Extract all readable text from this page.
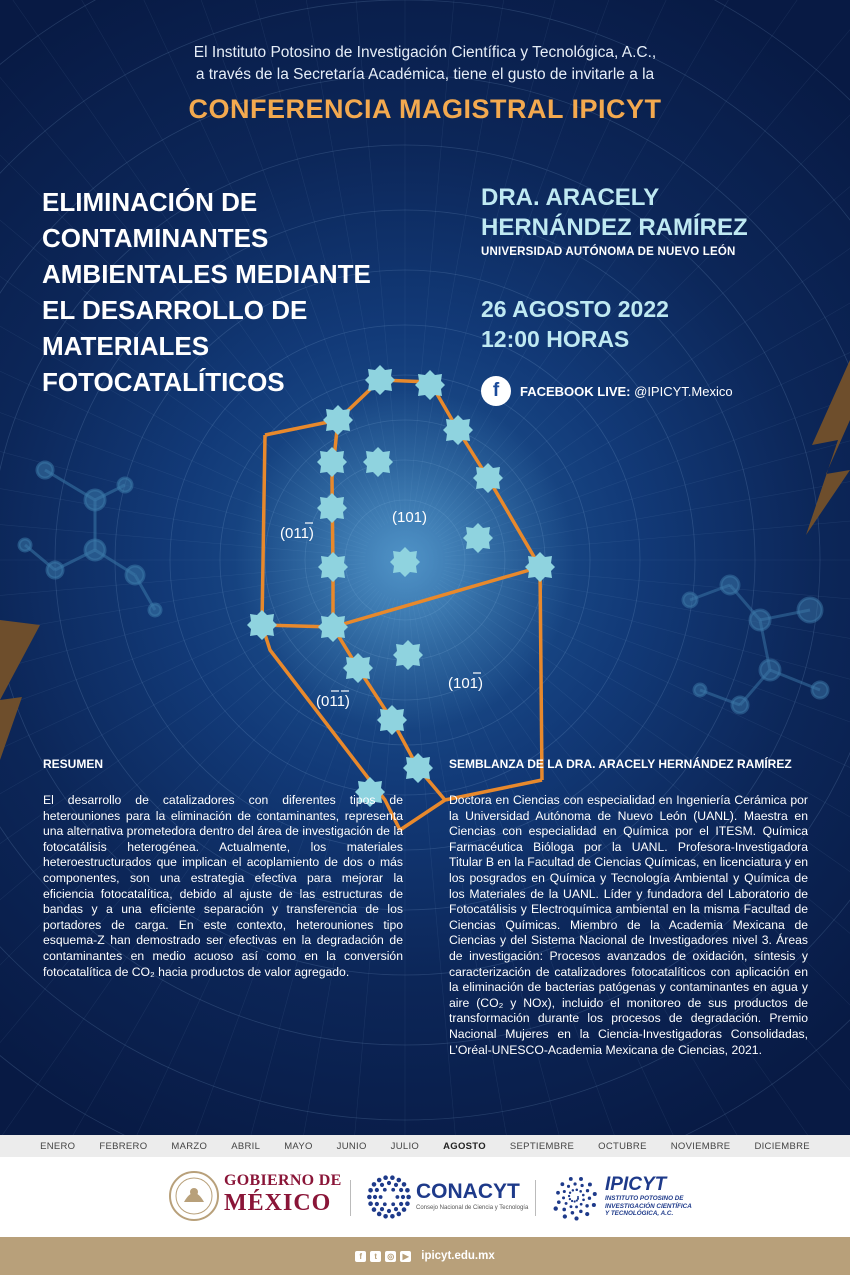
(101)
(011)
(011)
(101)
El Instituto Potosino de Investigación Científica y Tecnológica, A.C.,
a través de la Secretaría Académica, tiene el gusto de invitarle a la
CONFERENCIA MAGISTRAL IPICYT
ELIMINACIÓN DE CONTAMINANTES AMBIENTALES MEDIANTE EL DESARROLLO DE MATERIALES FOTOCATALÍTICOS
DRA. ARACELY
HERNÁNDEZ RAMÍREZ
UNIVERSIDAD AUTÓNOMA DE NUEVO LEÓN
26 AGOSTO 2022
12:00 HORAS
f	FACEBOOK LIVE: @IPICYT.Mexico
RESUMEN

El desarrollo de catalizadores con diferentes tipos de heterouniones para la eliminación de contaminantes, representa una alternativa prometedora dentro del área de investigación de la fotocatálisis heterogénea. Actualmente, los materiales heteroestructurados que implican el acoplamiento de dos o más componentes, son una estrategia efectiva para mejorar la eficiencia fotocatalítica, debido al ajuste de las estructuras de bandas y a una eficiente separación y transferencia de los portadores de carga. En este contexto, heterouniones tipo esquema-Z han demostrado ser efectivas en la degradación de contaminantes en medio acuoso así como en la conversión fotocatalítica de CO₂ hacia productos de valor agregado.

SEMBLANZA DE LA DRA. ARACELY HERNÁNDEZ RAMÍREZ

Doctora en Ciencias con especialidad en Ingeniería Cerámica por la Universidad Autónoma de Nuevo León (UANL). Maestra en Ciencias con especialidad en Química por el ITESM. Química Farmacéutica Bióloga por la UANL. Profesora-Investigadora Titular B en la Facultad de Ciencias Químicas, en licenciatura y en los posgrados en Química y Tecnología Ambiental y Química de los Materiales de la UANL. Líder y fundadora del Laboratorio de Fotocatálisis y Electroquímica ambiental en la misma Facultad de Ciencias Químicas. Miembro de la Academia Mexicana de Ciencias y del Sistema Nacional de Investigadores nivel 3. Áreas de investigación: Procesos avanzados de oxidación, síntesis y caracterización de catalizadores fotocatalíticos con aplicación en la eliminación de bacterias patógenas y contaminantes en agua y aire (CO₂ y NOx), incluido el monitoreo de sus productos de transformación durante los procesos de degradación. Premio Nacional Mujeres en la Ciencia-Investigadoras Consolidadas, L’Oréal-UNESCO-Academia Mexicana de Ciencias, 2021.

ENERO	FEBRERO	MARZO	ABRIL	MAYO	JUNIO	JULIO	AGOSTO	SEPTIEMBRE	OCTUBRE	NOVIEMBRE	DICIEMBRE
GOBIERNO DE
MÉXICO	CONACYT
Consejo Nacional de Ciencia y Tecnología
IPICYT
INSTITUTO POTOSINO DE INVESTIGACIÓN CIENTÍFICA Y TECNOLÓGICA, A.C.
f	t	◎	▶ ipicyt.edu.mx
